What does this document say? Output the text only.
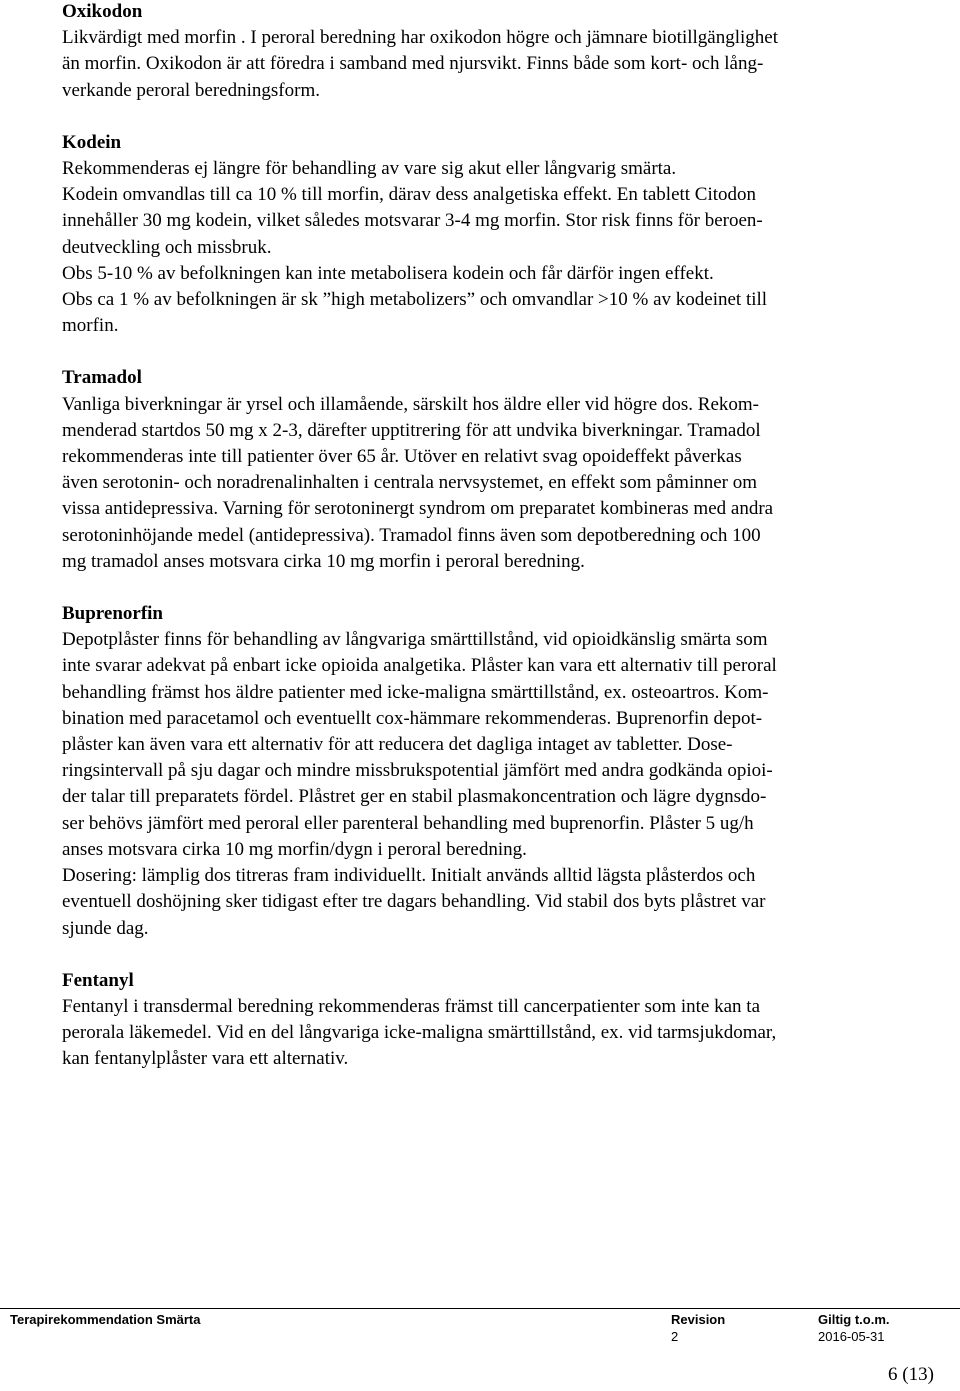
Oxikodon

Likvärdigt med morfin . I peroral beredning har oxikodon högre och jämnare biotillgänglighet
än morfin. Oxikodon är att föredra i samband med njursvikt. Finns både som kort- och lång-
verkande peroral beredningsform.

Kodein

Rekommenderas ej längre för behandling av vare sig akut eller långvarig smärta.
Kodein omvandlas till ca 10 % till morfin, därav dess analgetiska effekt. En tablett Citodon
innehåller 30 mg kodein, vilket således motsvarar 3-4 mg morfin. Stor risk finns för beroen-
deutveckling och missbruk.
Obs 5-10 % av befolkningen kan inte metabolisera kodein och får därför ingen effekt.
Obs ca 1 % av befolkningen är sk ”high metabolizers” och omvandlar >10 % av kodeinet till
morfin.

Tramadol

Vanliga biverkningar är yrsel och illamående, särskilt hos äldre eller vid högre dos. Rekom-
menderad startdos 50 mg x 2-3, därefter upptitrering för att undvika biverkningar. Tramadol
rekommenderas inte till patienter över 65 år. Utöver en relativt svag opoideffekt påverkas
även serotonin- och noradrenalinhalten i centrala nervsystemet, en effekt som påminner om
vissa antidepressiva. Varning för serotoninergt syndrom om preparatet kombineras med andra
serotoninhöjande medel (antidepressiva). Tramadol finns även som depotberedning och 100
mg tramadol anses motsvara cirka 10 mg morfin i peroral beredning.

Buprenorfin

Depotplåster finns för behandling av långvariga smärttillstånd, vid opioidkänslig smärta som
inte svarar adekvat på enbart icke opioida analgetika. Plåster kan vara ett alternativ till peroral
behandling främst hos äldre patienter med icke-maligna smärttillstånd, ex. osteoartros. Kom-
bination med paracetamol och eventuellt cox-hämmare rekommenderas. Buprenorfin depot-
plåster kan även vara ett alternativ för att reducera det dagliga intaget av tabletter. Dose-
ringsintervall på sju dagar och mindre missbrukspotential jämfört med andra godkända opioi-
der talar till preparatets fördel. Plåstret ger en stabil plasmakoncentration och lägre dygnsdo-
ser behövs jämfört med peroral eller parenteral behandling med buprenorfin. Plåster 5 ug/h
anses motsvara cirka 10 mg morfin/dygn i peroral beredning.
Dosering: lämplig dos titreras fram individuellt. Initialt används alltid lägsta plåsterdos och
eventuell doshöjning sker tidigast efter tre dagars behandling. Vid stabil dos byts plåstret var
sjunde dag.

Fentanyl

Fentanyl i transdermal beredning rekommenderas främst till cancerpatienter som inte kan ta
perorala läkemedel. Vid en del långvariga icke-maligna smärttillstånd, ex. vid tarmsjukdomar,
kan fentanylplåster vara ett alternativ.
Terapirekommendation Smärta	Revision	Giltig t.o.m.
2	2016-05-31
6 (13)
